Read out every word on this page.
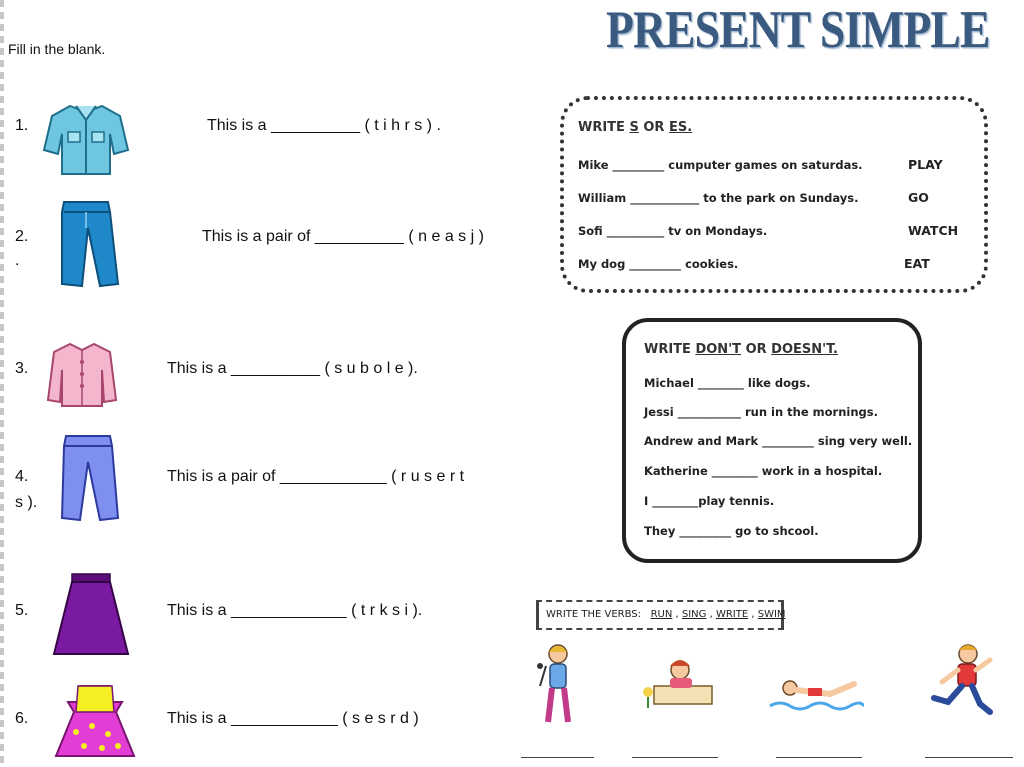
PRESENT SIMPLE
Fill in the blank.
1.	This is a __________ ( t i h r s ) .
2.	This is a pair of __________ ( n e a s j )
.
3.	This is a __________ ( s u b o l e ).
4.	This is a pair of ____________ ( r u s e r t
s ).
5.	This is a _____________ ( t r k s i ).
6.	This is a ____________ ( s e s r d )
WRITE S OR ES.
Mike _________ cumputer games on saturdas.	PLAY
William ____________ to the park on Sundays.	GO
Sofi __________ tv on Mondays.	WATCH
My dog _________ cookies.	EAT
WRITE DON'T OR DOESN'T.
Michael ________ like dogs.
Jessi ___________ run in the mornings.
Andrew and Mark _________ sing very well.
Katherine ________ work in a hospital.
I ________play tennis.
They _________ go to shcool.
WRITE THE VERBS: RUN , SING , WRITE , SWIM
